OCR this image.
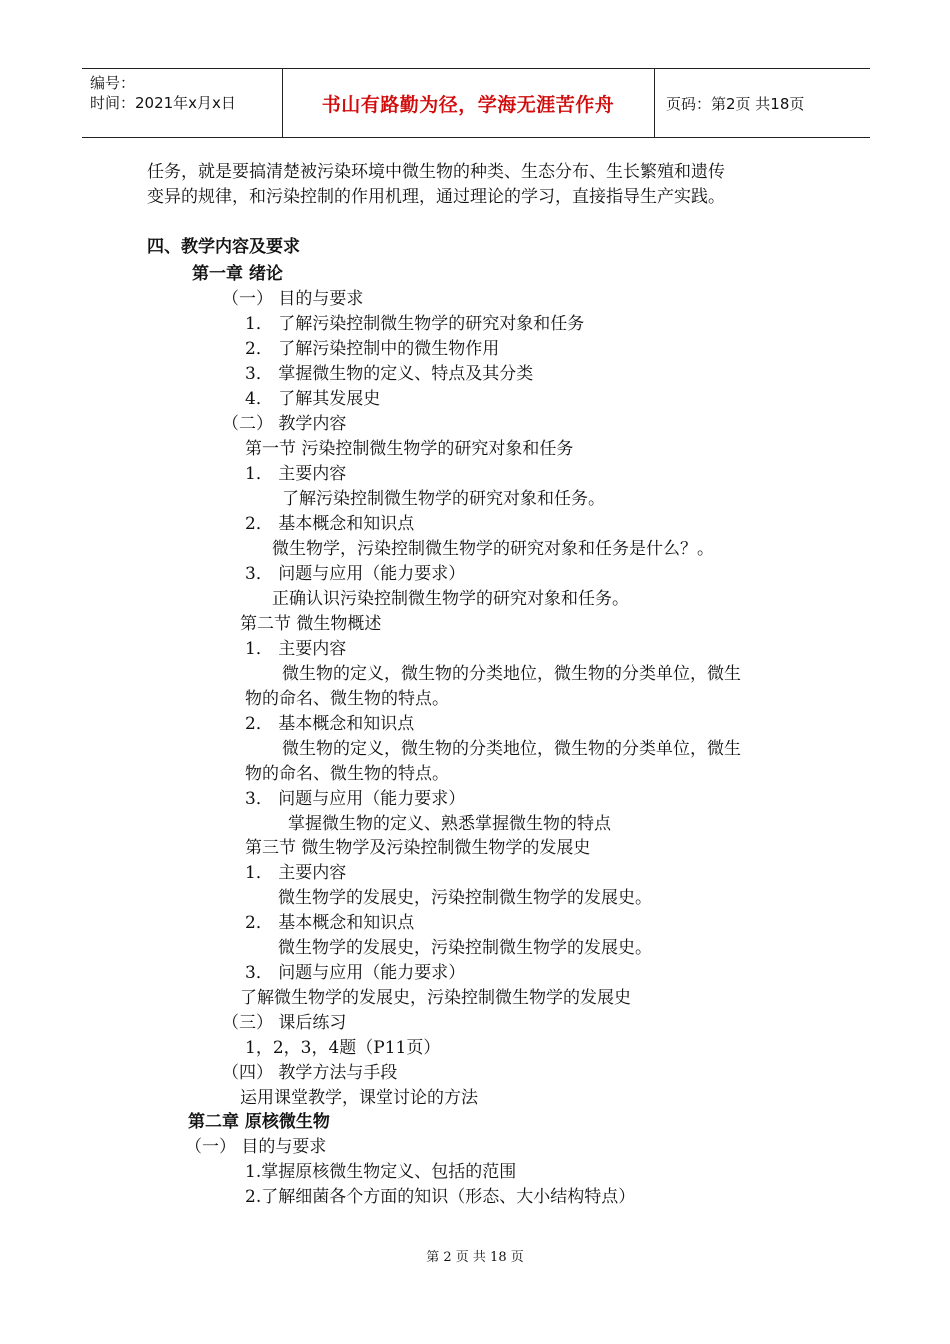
编号：
时间：2021年x月x日	书山有路勤为径，学海无涯苦作舟	页码：第2页 共18页
任务，就是要搞清楚被污染环境中微生物的种类、生态分布、生长繁殖和遗传
变异的规律，和污染控制的作用机理，通过理论的学习，直接指导生产实践。
四、教学内容及要求
第一章 绪论
（一） 目的与要求
1． 了解污染控制微生物学的研究对象和任务
2． 了解污染控制中的微生物作用
3． 掌握微生物的定义、特点及其分类
4． 了解其发展史
（二） 教学内容
第一节 污染控制微生物学的研究对象和任务
1． 主要内容
了解污染控制微生物学的研究对象和任务。
2． 基本概念和知识点
微生物学，污染控制微生物学的研究对象和任务是什么？。
3． 问题与应用（能力要求）
正确认识污染控制微生物学的研究对象和任务。
第二节 微生物概述
1． 主要内容
微生物的定义，微生物的分类地位，微生物的分类单位，微生
物的命名、微生物的特点。
2． 基本概念和知识点
微生物的定义，微生物的分类地位，微生物的分类单位，微生
物的命名、微生物的特点。
3． 问题与应用（能力要求）
掌握微生物的定义、熟悉掌握微生物的特点
第三节 微生物学及污染控制微生物学的发展史
1． 主要内容
微生物学的发展史，污染控制微生物学的发展史。
2． 基本概念和知识点
微生物学的发展史，污染控制微生物学的发展史。
3． 问题与应用（能力要求）
了解微生物学的发展史，污染控制微生物学的发展史
（三） 课后练习
1，2，3，4题（P11页）
（四） 教学方法与手段
运用课堂教学，课堂讨论的方法
第二章 原核微生物
（一） 目的与要求
1.掌握原核微生物定义、包括的范围
2.了解细菌各个方面的知识（形态、大小结构特点）
第 2 页 共 18 页
